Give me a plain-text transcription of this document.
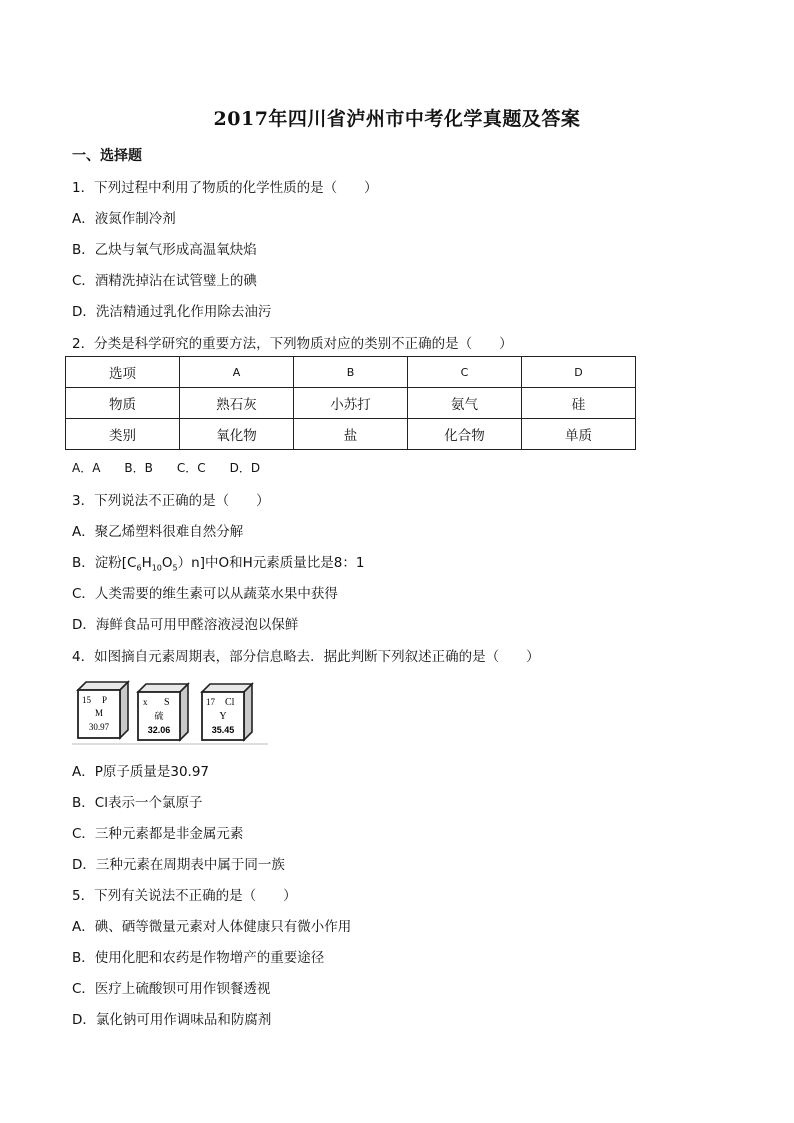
2017年四川省泸州市中考化学真题及答案
一、选择题
1．下列过程中利用了物质的化学性质的是（　　）
A．液氮作制冷剂
B．乙炔与氧气形成高温氧炔焰
C．酒精洗掉沾在试管璧上的碘
D．洗洁精通过乳化作用除去油污
2．分类是科学研究的重要方法，下列物质对应的类别不正确的是（　　）
选项	A	B	C	D
物质	熟石灰	小苏打	氨气	硅
类别	氧化物	盐	化合物	单质
A．A　　B．B　　C．C　　D．D
3．下列说法不正确的是（　　）
A．聚乙烯塑料很难自然分解
B．淀粉$[C_6H_{10}O_5)n$]中O和H元素质量比是8：1
C．人类需要的维生素可以从蔬菜水果中获得
D．海鲜食品可用甲醛溶液浸泡以保鲜
4．如图摘自元素周期表，部分信息略去．据此判断下列叙述正确的是（　　）
15 P
M
30.97
x S
硫
32.06
17 Cl
Y
35.45
A．P原子质量是30.97
B．Cl表示一个氯原子
C．三种元素都是非金属元素
D．三种元素在周期表中属于同一族
5．下列有关说法不正确的是（　　）
A．碘、硒等微量元素对人体健康只有微小作用
B．使用化肥和农药是作物增产的重要途径
C．医疗上硫酸钡可用作钡餐透视
D．氯化钠可用作调味品和防腐剂
